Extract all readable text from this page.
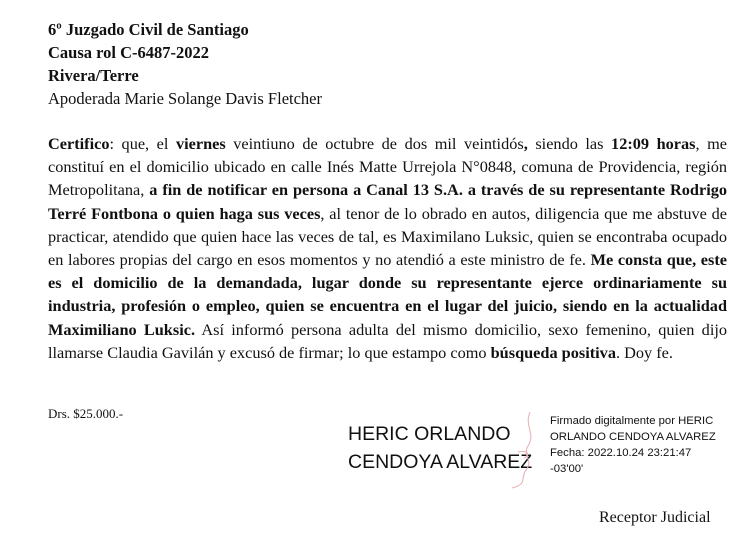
6º Juzgado Civil de Santiago
Causa rol C-6487-2022
Rivera/Terre
Apoderada Marie Solange Davis Fletcher
Certifico: que, el viernes veintiuno de octubre de dos mil veintidós, siendo las 12:09 horas, me constituí en el domicilio ubicado en calle Inés Matte Urrejola N°0848, comuna de Providencia, región Metropolitana, a fin de notificar en persona a Canal 13 S.A. a través de su representante Rodrigo Terré Fontbona o quien haga sus veces, al tenor de lo obrado en autos, diligencia que me abstuve de practicar, atendido que quien hace las veces de tal, es Maximilano Luksic, quien se encontraba ocupado en labores propias del cargo en esos momentos y no atendió a este ministro de fe. Me consta que, este es el domicilio de la demandada, lugar donde su representante ejerce ordinariamente su industria, profesión o empleo, quien se encuentra en el lugar del juicio, siendo en la actualidad Maximiliano Luksic. Así informó persona adulta del mismo domicilio, sexo femenino, quien dijo llamarse Claudia Gavilán y excusó de firmar; lo que estampo como búsqueda positiva. Doy fe.
Drs. $25.000.-
HERIC ORLANDO
CENDOYA ALVAREZ
Firmado digitalmente por HERIC
ORLANDO CENDOYA ALVAREZ
Fecha: 2022.10.24 23:21:47
-03'00'
Receptor Judicial
